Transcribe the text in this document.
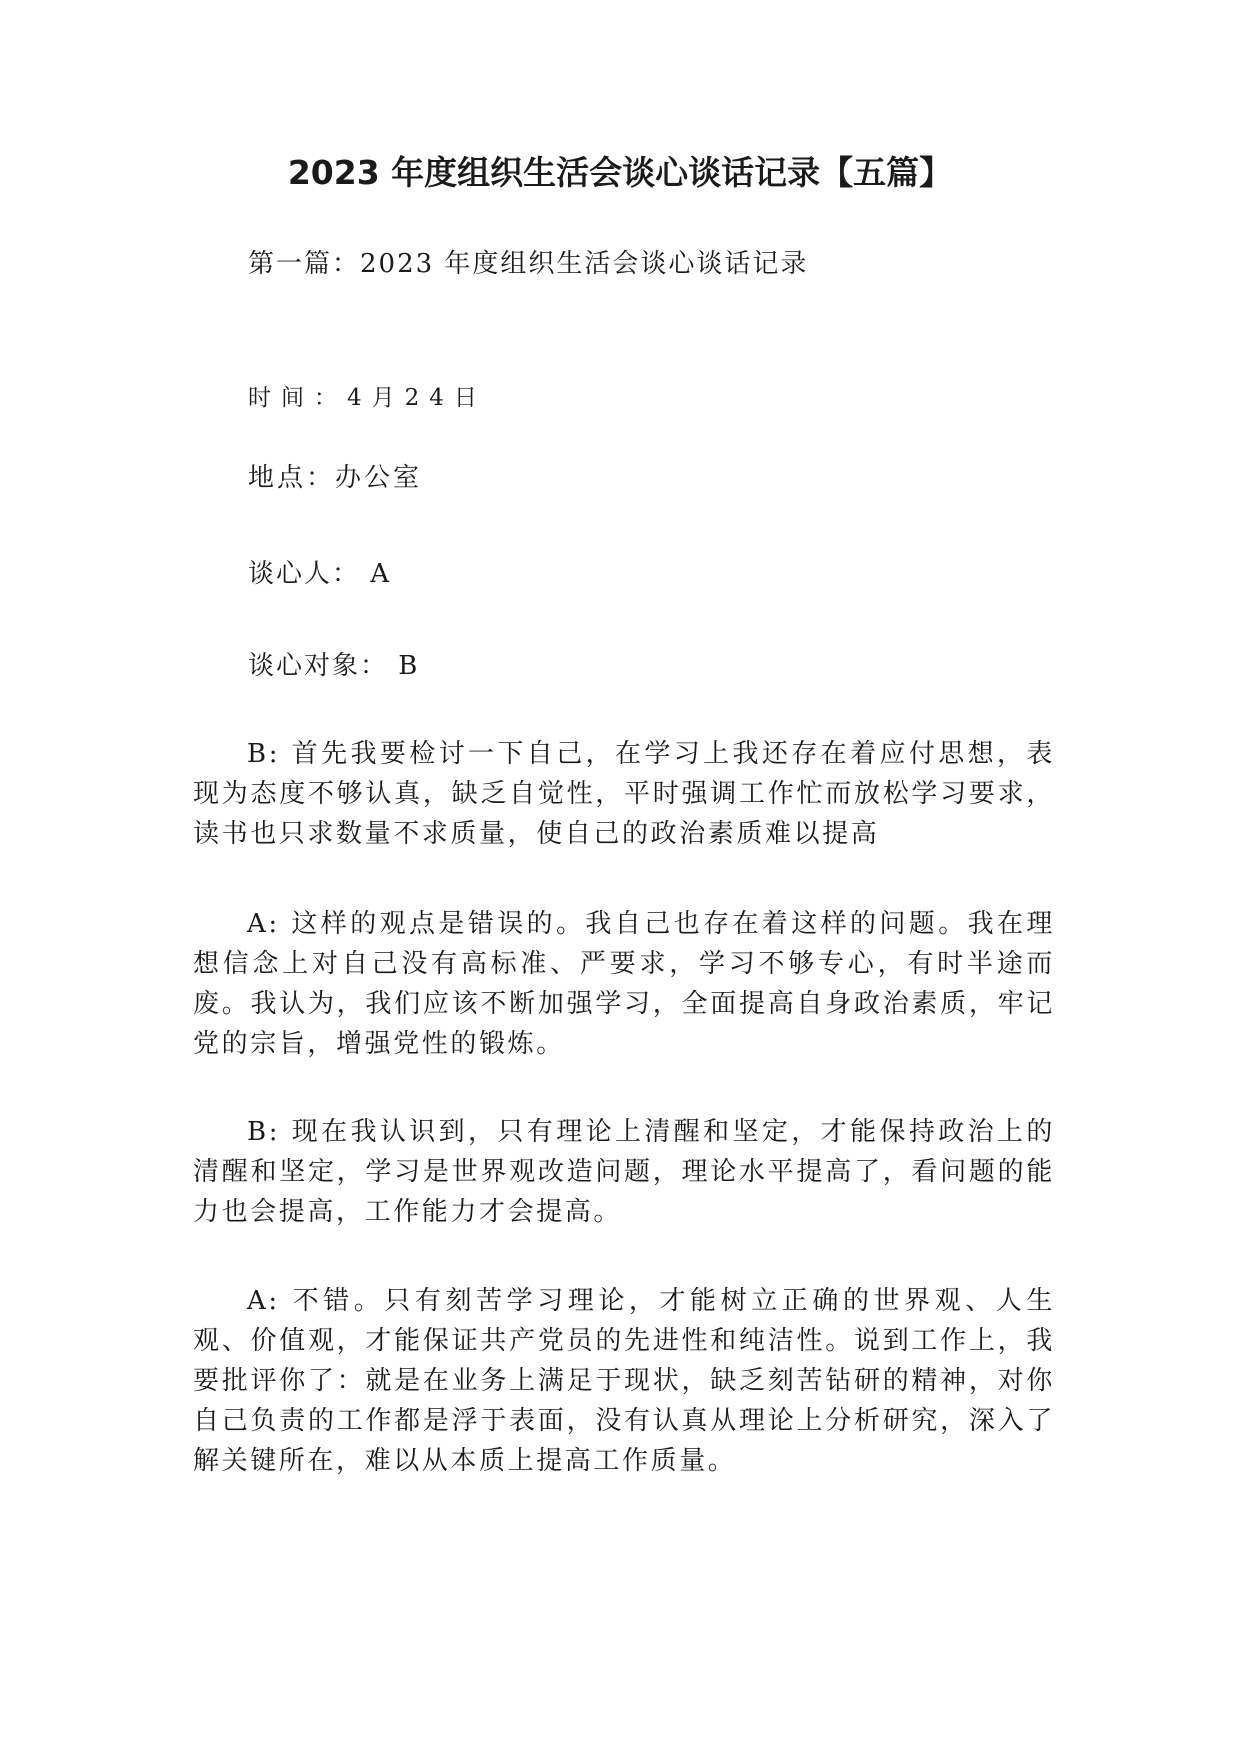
2023 年度组织生活会谈心谈话记录【五篇】

第一篇：2023 年度组织生活会谈心谈话记录

时间：4月24日

地点：办公室

谈心人： A

谈心对象： B

B: 首先我要检讨一下自己，在学习上我还存在着应付思想，表现为态度不够认真，缺乏自觉性，平时强调工作忙而放松学习要求，读书也只求数量不求质量，使自己的政治素质难以提高

A: 这样的观点是错误的。我自己也存在着这样的问题。我在理想信念上对自己没有高标准、严要求，学习不够专心，有时半途而废。我认为，我们应该不断加强学习，全面提高自身政治素质，牢记党的宗旨，增强党性的锻炼。

B: 现在我认识到，只有理论上清醒和坚定，才能保持政治上的清醒和坚定，学习是世界观改造问题，理论水平提高了，看问题的能力也会提高，工作能力才会提高。

A: 不错。只有刻苦学习理论，才能树立正确的世界观、人生观、价值观，才能保证共产党员的先进性和纯洁性。说到工作上，我要批评你了：就是在业务上满足于现状，缺乏刻苦钻研的精神，对你自己负责的工作都是浮于表面，没有认真从理论上分析研究，深入了解关键所在，难以从本质上提高工作质量。
